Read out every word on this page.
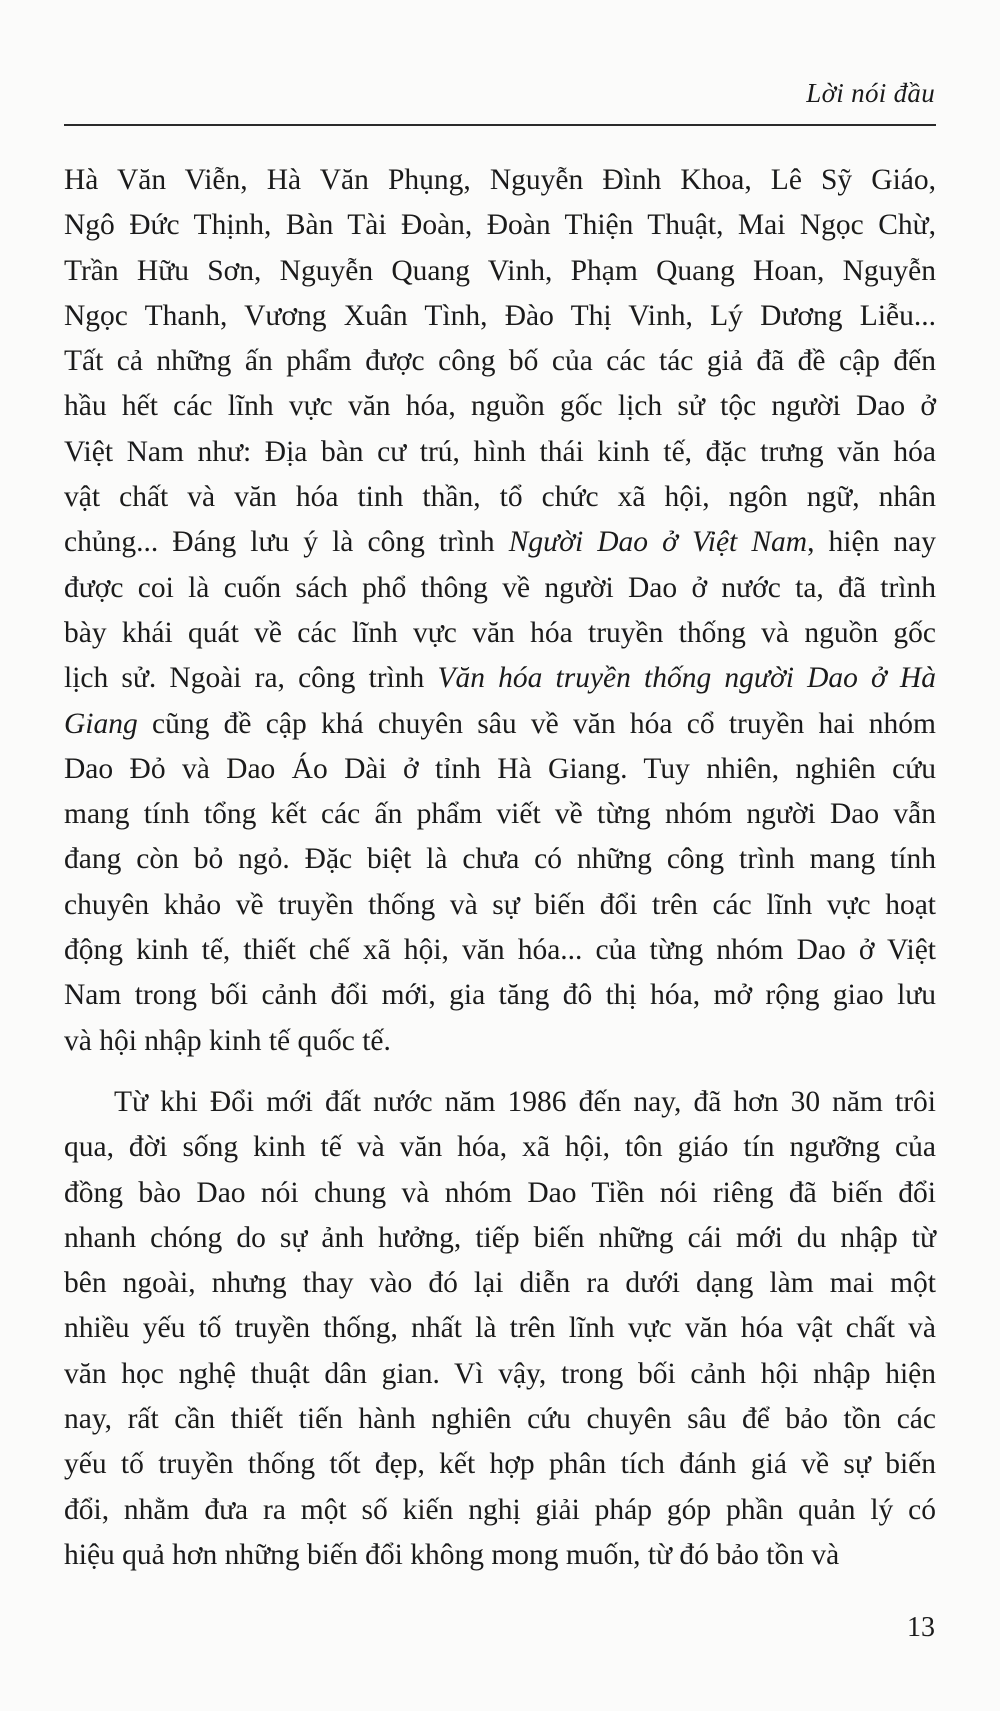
Lời nói đầu
Hà Văn Viễn, Hà Văn Phụng, Nguyễn Đình Khoa, Lê Sỹ Giáo,
Ngô Đức Thịnh, Bàn Tài Đoàn, Đoàn Thiện Thuật, Mai Ngọc Chừ,
Trần Hữu Sơn, Nguyễn Quang Vinh, Phạm Quang Hoan, Nguyễn
Ngọc Thanh, Vương Xuân Tình, Đào Thị Vinh, Lý Dương Liễu...
Tất cả những ấn phẩm được công bố của các tác giả đã đề cập đến
hầu hết các lĩnh vực văn hóa, nguồn gốc lịch sử tộc người Dao ở
Việt Nam như: Địa bàn cư trú, hình thái kinh tế, đặc trưng văn hóa
vật chất và văn hóa tinh thần, tổ chức xã hội, ngôn ngữ, nhân
chủng... Đáng lưu ý là công trình Người Dao ở Việt Nam, hiện nay
được coi là cuốn sách phổ thông về người Dao ở nước ta, đã trình
bày khái quát về các lĩnh vực văn hóa truyền thống và nguồn gốc
lịch sử. Ngoài ra, công trình Văn hóa truyền thống người Dao ở Hà
Giang cũng đề cập khá chuyên sâu về văn hóa cổ truyền hai nhóm
Dao Đỏ và Dao Áo Dài ở tỉnh Hà Giang. Tuy nhiên, nghiên cứu
mang tính tổng kết các ấn phẩm viết về từng nhóm người Dao vẫn
đang còn bỏ ngỏ. Đặc biệt là chưa có những công trình mang tính
chuyên khảo về truyền thống và sự biến đổi trên các lĩnh vực hoạt
động kinh tế, thiết chế xã hội, văn hóa... của từng nhóm Dao ở Việt
Nam trong bối cảnh đổi mới, gia tăng đô thị hóa, mở rộng giao lưu
và hội nhập kinh tế quốc tế.
Từ khi Đổi mới đất nước năm 1986 đến nay, đã hơn 30 năm trôi
qua, đời sống kinh tế và văn hóa, xã hội, tôn giáo tín ngưỡng của
đồng bào Dao nói chung và nhóm Dao Tiền nói riêng đã biến đổi
nhanh chóng do sự ảnh hưởng, tiếp biến những cái mới du nhập từ
bên ngoài, nhưng thay vào đó lại diễn ra dưới dạng làm mai một
nhiều yếu tố truyền thống, nhất là trên lĩnh vực văn hóa vật chất và
văn học nghệ thuật dân gian. Vì vậy, trong bối cảnh hội nhập hiện
nay, rất cần thiết tiến hành nghiên cứu chuyên sâu để bảo tồn các
yếu tố truyền thống tốt đẹp, kết hợp phân tích đánh giá về sự biến
đổi, nhằm đưa ra một số kiến nghị giải pháp góp phần quản lý có
hiệu quả hơn những biến đổi không mong muốn, từ đó bảo tồn và
13
